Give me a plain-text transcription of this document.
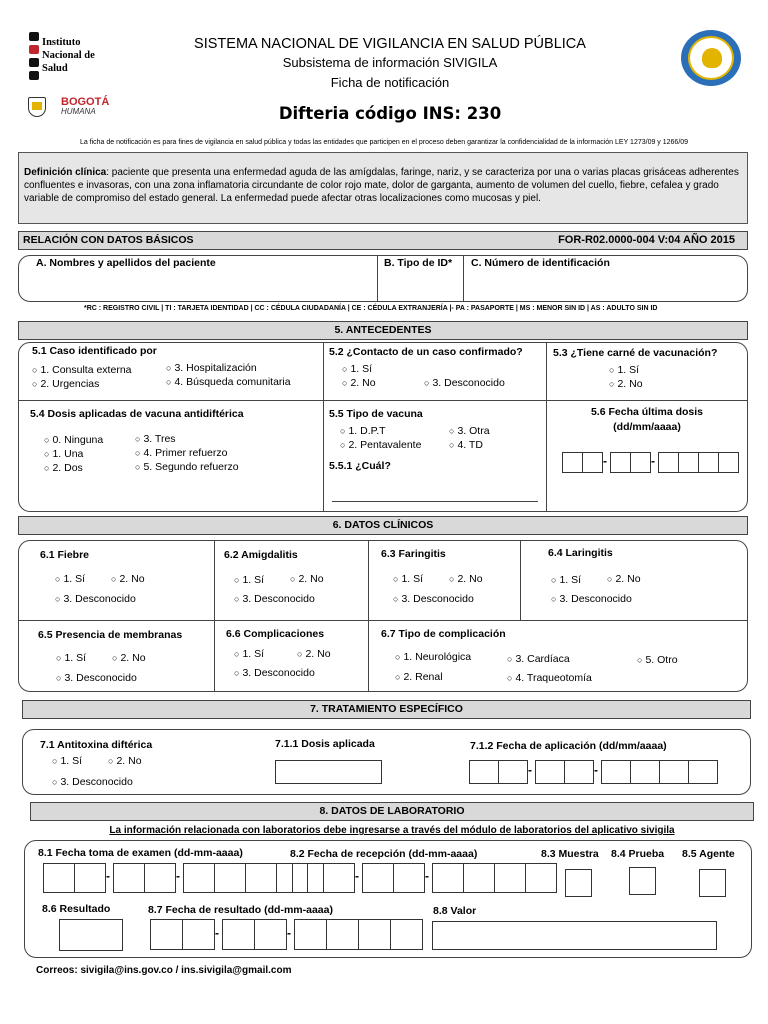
Instituto
Nacional de
Salud
BOGOTÁ
HUMANA
SISTEMA NACIONAL DE VIGILANCIA EN SALUD PÚBLICA
Subsistema de información SIVIGILA
Ficha de notificación
Difteria código INS: 230
La ficha de notificación es para fines de vigilancia en salud pública y todas las entidades que participen en el proceso deben garantizar la confidencialidad de la información LEY 1273/09 y 1266/09
Definición clínica: paciente que presenta una enfermedad aguda de las amígdalas, faringe, nariz, y se caracteriza por una o varias placas grisáceas adherentes confluentes e invasoras, con una zona inflamatoria circundante de color rojo mate, dolor de garganta, aumento de volumen del cuello, fiebre, cefalea y grado variable de compromiso del estado general. La enfermedad puede afectar otras localizaciones como mucosas y piel.
RELACIÓN CON DATOS BÁSICOS	FOR-R02.0000-004 V:04 AÑO 2015
A. Nombres y apellidos del paciente	B. Tipo de ID* C. Número de identificación
*RC : REGISTRO CIVIL | TI : TARJETA IDENTIDAD | CC : CÉDULA CIUDADANÍA | CE : CÉDULA EXTRANJERÍA |- PA : PASAPORTE | MS : MENOR SIN ID | AS : ADULTO SIN ID
5. ANTECEDENTES
5.1 Caso identificado por
○ 1. Consulta externa
○ 2. Urgencias
○ 3. Hospitalización
○ 4. Búsqueda comunitaria
5.2 ¿Contacto de un caso confirmado?
○ 1. Sí
○ 2. No	○ 3. Desconocido
5.3 ¿Tiene carné de vacunación?
○ 1. Sí
○ 2. No
5.4 Dosis aplicadas de vacuna antidiftérica
○ 0. Ninguna
○ 1. Una
○ 2. Dos
○ 3. Tres
○ 4. Primer refuerzo
○ 5. Segundo refuerzo
5.5 Tipo de vacuna
○ 1. D.P.T
○ 2. Pentavalente
○ 3. Otra
○ 4. TD
5.5.1 ¿Cuál?
5.6 Fecha última dosis
(dd/mm/aaaa)
-	-
6. DATOS CLÍNICOS
6.1 Fiebre
○ 1. Sí	○ 2. No
○ 3. Desconocido
6.2 Amigdalitis
○ 1. Sí	○ 2. No
○ 3. Desconocido
6.3 Faringitis
○ 1. Sí	○ 2. No
○ 3. Desconocido
6.4 Laringitis
○ 1. Sí	○ 2. No
○ 3. Desconocido
6.5 Presencia de membranas
○ 1. Sí	○ 2. No
○ 3. Desconocido
6.6 Complicaciones
○ 1. Sí	○ 2. No
○ 3. Desconocido
6.7 Tipo de complicación
○ 1. Neurológica
○ 2. Renal
○ 3. Cardíaca
○ 4. Traqueotomía
○ 5. Otro
7. TRATAMIENTO ESPECÍFICO
7.1 Antitoxina diftérica
○ 1. Sí	○ 2. No
○ 3. Desconocido
7.1.1 Dosis aplicada	7.1.2 Fecha de aplicación (dd/mm/aaaa)
-	-
8. DATOS DE LABORATORIO
La información relacionada con laboratorios debe ingresarse a través del módulo de laboratorios del aplicativo sivigila
8.1 Fecha toma de examen (dd-mm-aaaa)	8.2 Fecha de recepción (dd-mm-aaaa)	8.3 Muestra 8.4 Prueba 8.5 Agente
-	-	-	-
8.6 Resultado	8.7 Fecha de resultado (dd-mm-aaaa)	8.8 Valor
-	-
Correos: sivigila@ins.gov.co / ins.sivigila@gmail.com
